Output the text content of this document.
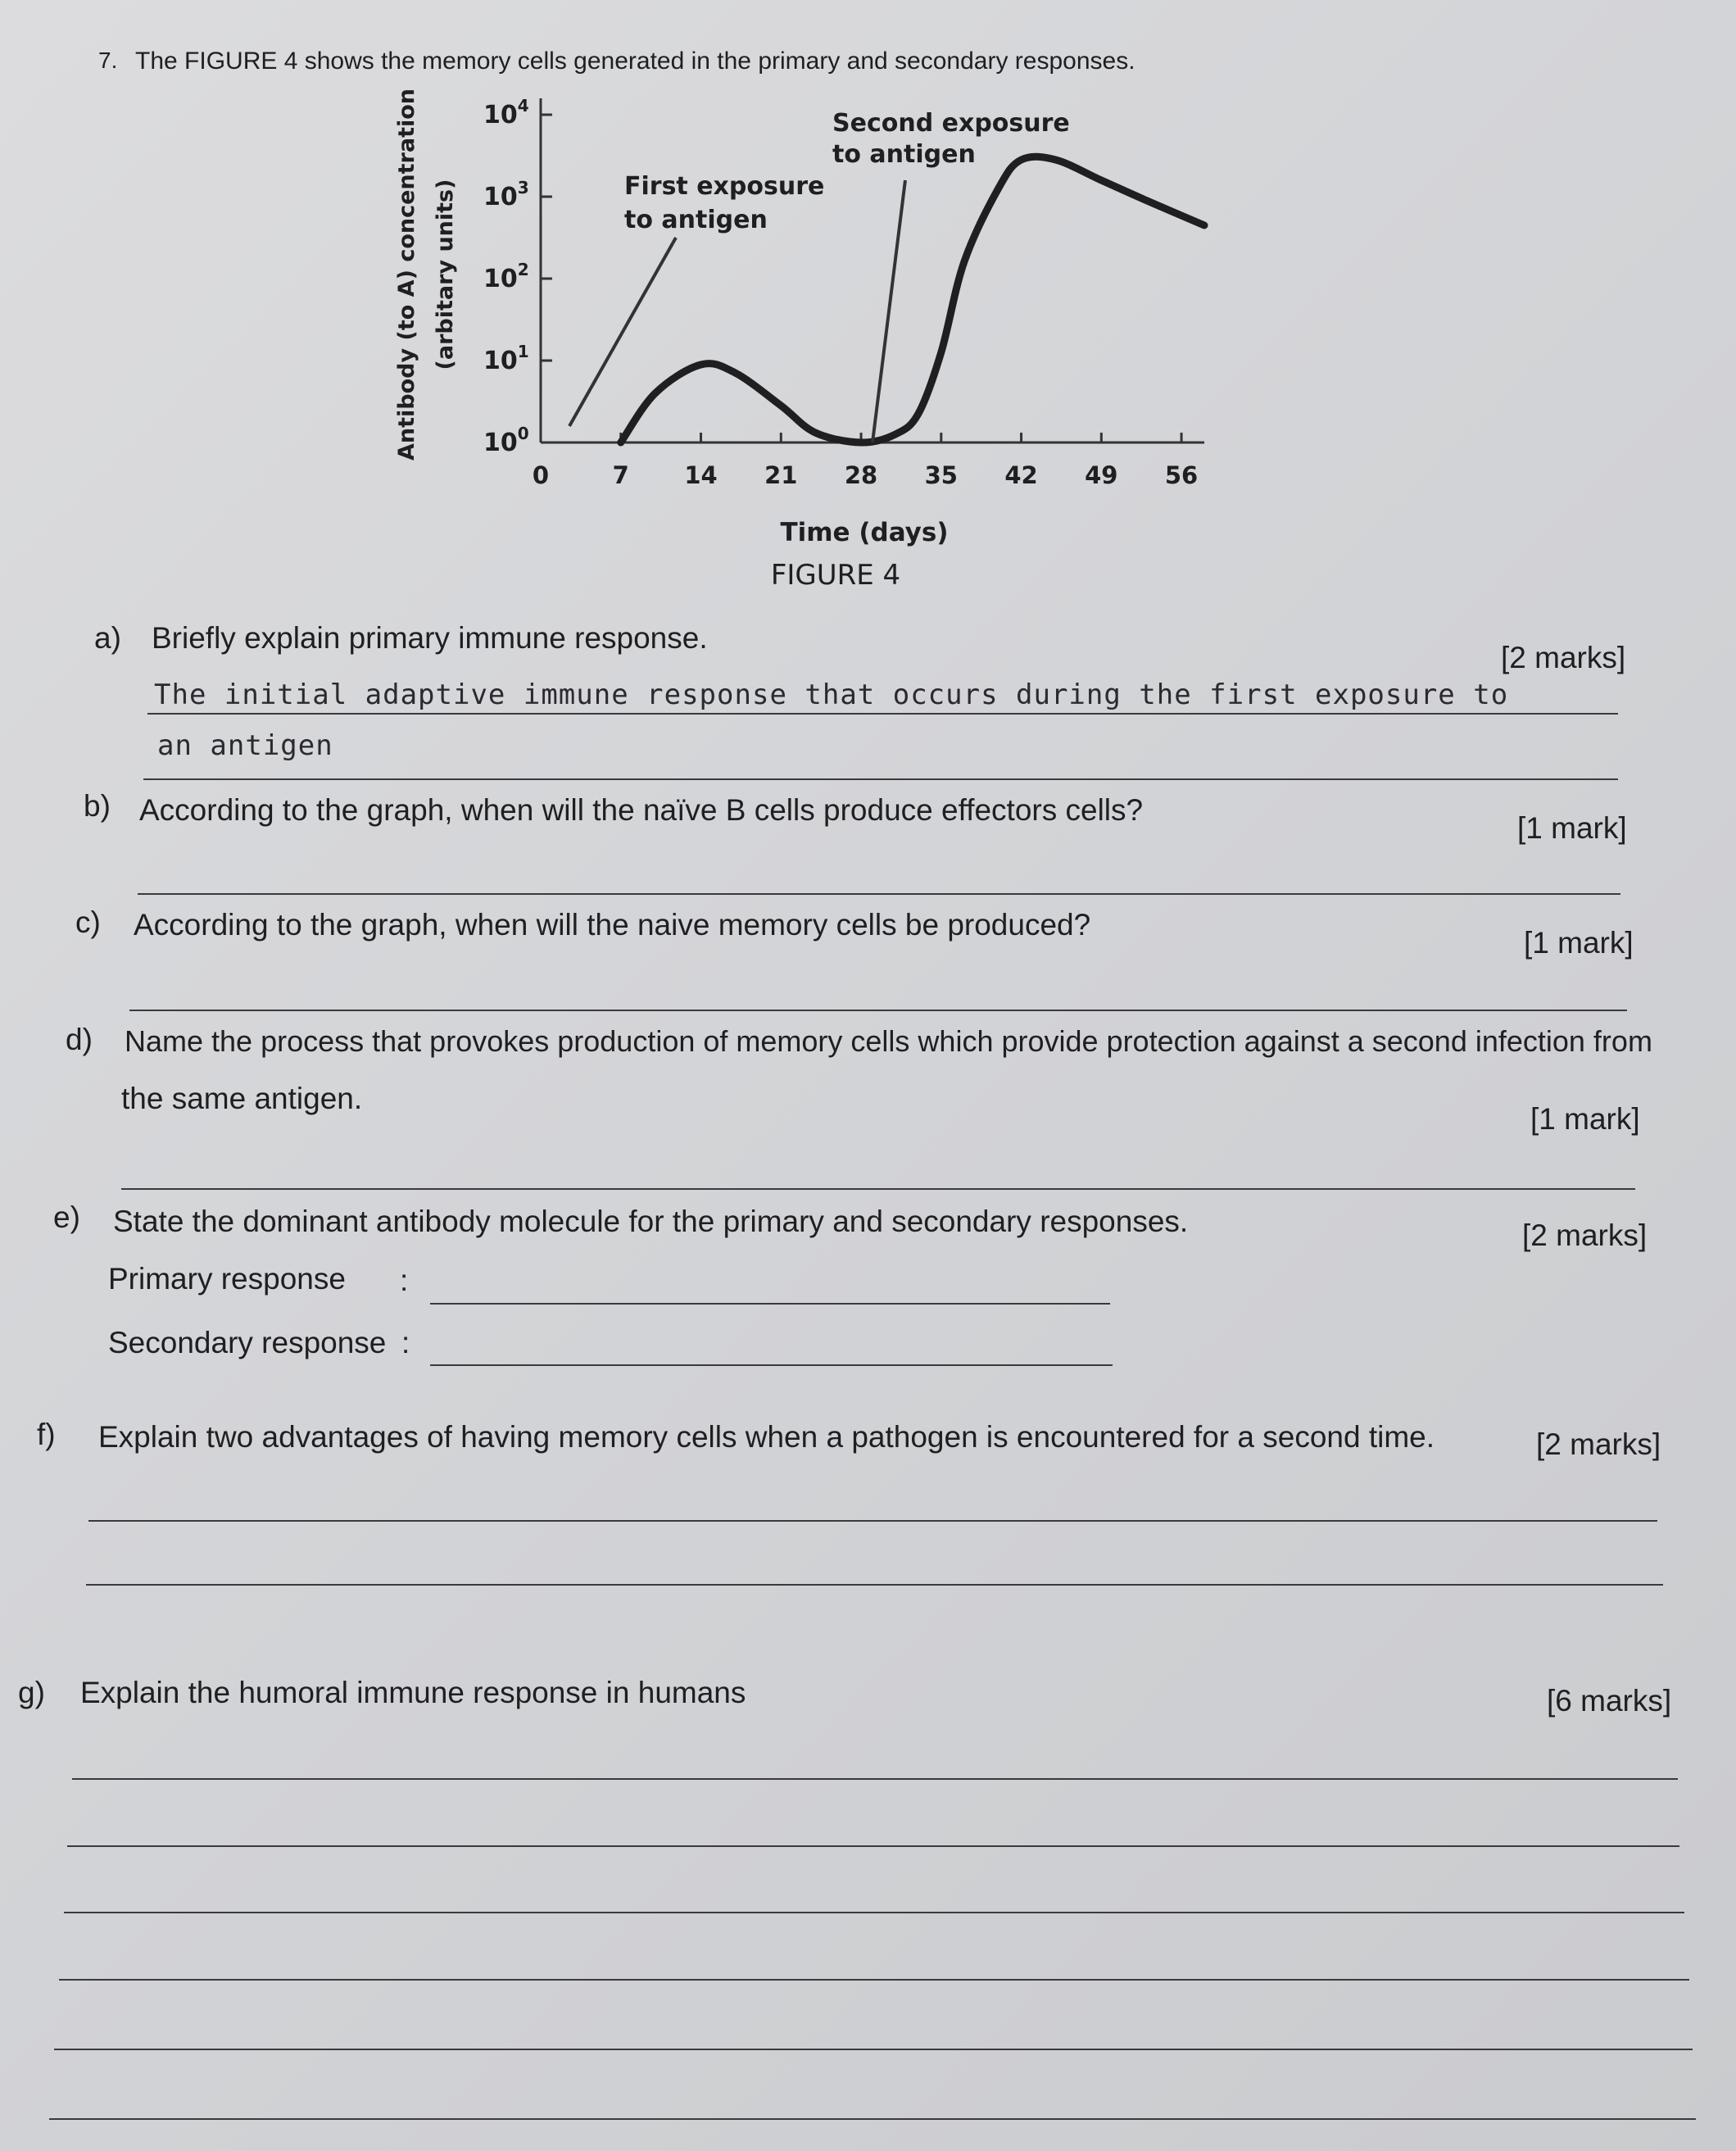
7. The FIGURE 4 shows the memory cells generated in the primary and secondary responses.
$10^0$
$10^1$
$10^2$
$10^3$
$10^4$
0	7 14 21 28 35 42 49 56
First exposure
to antigen
Second exposure
to antigen
Time (days)
Antibody (to A) concentration (arbitary units)
FIGURE 4
a) Briefly explain primary immune response.
[2 marks]
The initial adaptive immune response that occurs during the first exposure to
an antigen
b) According to the graph, when will the naïve B cells produce effectors cells?
[1 mark]
c) According to the graph, when will the naive memory cells be produced?
[1 mark]
d) Name the process that provokes production of memory cells which provide protection against a second infection from
the same antigen.
[1 mark]
e) State the dominant antibody molecule for the primary and secondary responses.	[2 marks]
Primary response :
Secondary response :
f) Explain two advantages of having memory cells when a pathogen is encountered for a second time.	[2 marks]
g) Explain the humoral immune response in humans	[6 marks]
